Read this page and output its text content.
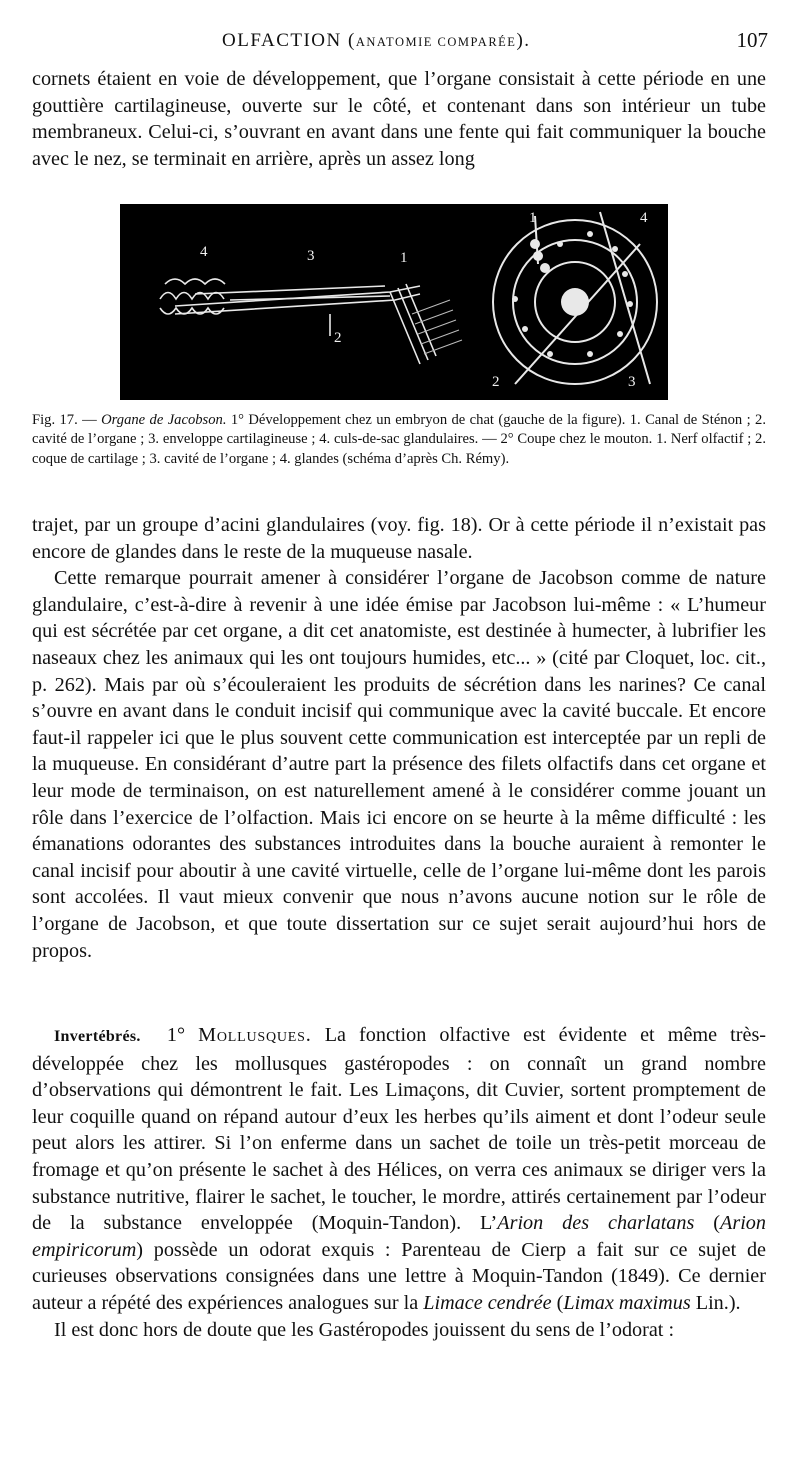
OLFACTION (ANATOMIE COMPARÉE).	107

cornets étaient en voie de développement, que l’organe consistait à cette période en une gouttière cartilagineuse, ouverte sur le côté, et contenant dans son intérieur un tube membraneux. Celui-ci, s’ouvrant en avant dans une fente qui fait communiquer la bouche avec le nez, se terminait en arrière, après un assez long

4	3	1
2
1	4
2	3

Fig. 17. — Organe de Jacobson. 1° Développement chez un embryon de chat (gauche de la figure). 1. Canal de Sténon ; 2. cavité de l’organe ; 3. enveloppe cartilagineuse ; 4. culs-de-sac glandulaires. — 2° Coupe chez le mouton. 1. Nerf olfactif ; 2. coque de cartilage ; 3. cavité de l’organe ; 4. glandes (schéma d’après Ch. Rémy).

trajet, par un groupe d’acini glandulaires (voy. fig. 18). Or à cette période il n’existait pas encore de glandes dans le reste de la muqueuse nasale.

Cette remarque pourrait amener à considérer l’organe de Jacobson comme de nature glandulaire, c’est-à-dire à revenir à une idée émise par Jacobson lui-même : « L’humeur qui est sécrétée par cet organe, a dit cet anatomiste, est destinée à humecter, à lubrifier les naseaux chez les animaux qui les ont toujours humides, etc... » (cité par Cloquet, loc. cit., p. 262). Mais par où s’écouleraient les produits de sécrétion dans les narines? Ce canal s’ouvre en avant dans le conduit incisif qui communique avec la cavité buccale. Et encore faut-il rappeler ici que le plus souvent cette communication est interceptée par un repli de la muqueuse. En considérant d’autre part la présence des filets olfactifs dans cet organe et leur mode de terminaison, on est naturellement amené à le considérer comme jouant un rôle dans l’exercice de l’olfaction. Mais ici encore on se heurte à la même difficulté : les émanations odorantes des substances introduites dans la bouche auraient à remonter le canal incisif pour aboutir à une cavité virtuelle, celle de l’organe lui-même dont les parois sont accolées. Il vaut mieux convenir que nous n’avons aucune notion sur le rôle de l’organe de Jacobson, et que toute dissertation sur ce sujet serait aujourd’hui hors de propos.

Invertébrés. 1° Mollusques. La fonction olfactive est évidente et même très-développée chez les mollusques gastéropodes : on connaît un grand nombre d’observations qui démontrent le fait. Les Limaçons, dit Cuvier, sortent promptement de leur coquille quand on répand autour d’eux les herbes qu’ils aiment et dont l’odeur seule peut alors les attirer. Si l’on enferme dans un sachet de toile un très-petit morceau de fromage et qu’on présente le sachet à des Hélices, on verra ces animaux se diriger vers la substance nutritive, flairer le sachet, le toucher, le mordre, attirés certainement par l’odeur de la substance enveloppée (Moquin-Tandon). L’Arion des charlatans (Arion empiricorum) possède un odorat exquis : Parenteau de Cierp a fait sur ce sujet de curieuses observations consignées dans une lettre à Moquin-Tandon (1849). Ce dernier auteur a répété des expériences analogues sur la Limace cendrée (Limax maximus Lin.).

Il est donc hors de doute que les Gastéropodes jouissent du sens de l’odorat :
